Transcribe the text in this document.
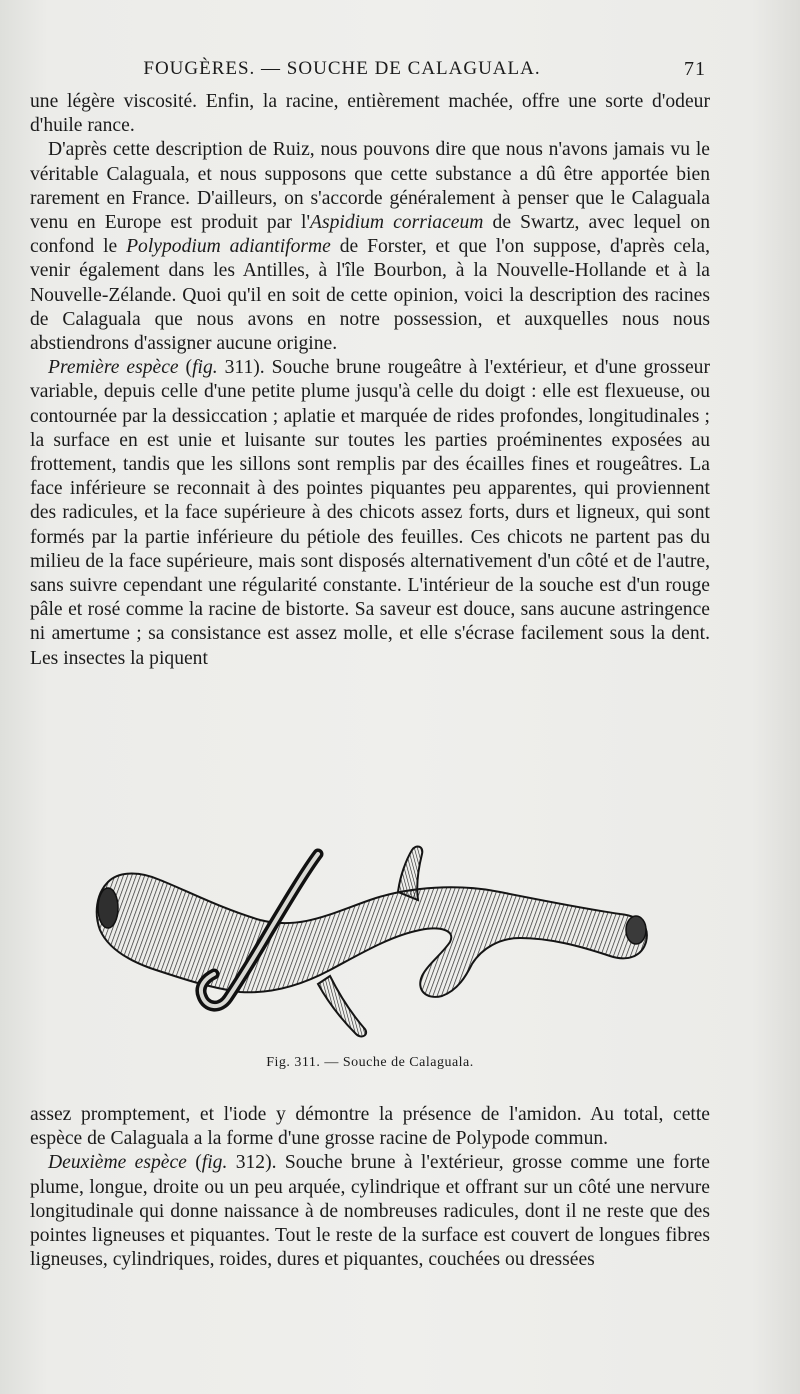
FOUGÈRES. — SOUCHE DE CALAGUALA.	71

une légère viscosité. Enfin, la racine, entièrement machée, offre une sorte d'odeur d'huile rance.

D'après cette description de Ruiz, nous pouvons dire que nous n'avons jamais vu le véritable Calaguala, et nous supposons que cette substance a dû être apportée bien rarement en France. D'ailleurs, on s'accorde généralement à penser que le Calaguala venu en Europe est produit par l'Aspidium corriaceum de Swartz, avec lequel on confond le Polypodium adiantiforme de Forster, et que l'on suppose, d'après cela, venir également dans les Antilles, à l'île Bourbon, à la Nouvelle-Hollande et à la Nouvelle-Zélande. Quoi qu'il en soit de cette opinion, voici la description des racines de Calaguala que nous avons en notre possession, et auxquelles nous nous abstiendrons d'assigner aucune origine.

Première espèce (fig. 311). Souche brune rougeâtre à l'extérieur, et d'une grosseur variable, depuis celle d'une petite plume jusqu'à celle du doigt : elle est flexueuse, ou contournée par la dessiccation ; aplatie et marquée de rides profondes, longitudinales ; la surface en est unie et luisante sur toutes les parties proéminentes exposées au frottement, tandis que les sillons sont remplis par des écailles fines et rougeâtres. La face inférieure se reconnait à des pointes piquantes peu apparentes, qui proviennent des radicules, et la face supérieure à des chicots assez forts, durs et ligneux, qui sont formés par la partie inférieure du pétiole des feuilles. Ces chicots ne partent pas du milieu de la face supérieure, mais sont disposés alternativement d'un côté et de l'autre, sans suivre cependant une régularité constante. L'intérieur de la souche est d'un rouge pâle et rosé comme la racine de bistorte. Sa saveur est douce, sans aucune astringence ni amertume ; sa consistance est assez molle, et elle s'écrase facilement sous la dent. Les insectes la piquent

Fig. 311. — Souche de Calaguala.

assez promptement, et l'iode y démontre la présence de l'amidon. Au total, cette espèce de Calaguala a la forme d'une grosse racine de Polypode commun.

Deuxième espèce (fig. 312). Souche brune à l'extérieur, grosse comme une forte plume, longue, droite ou un peu arquée, cylindrique et offrant sur un côté une nervure longitudinale qui donne naissance à de nombreuses radicules, dont il ne reste que des pointes ligneuses et piquantes. Tout le reste de la surface est couvert de longues fibres ligneuses, cylindriques, roides, dures et piquantes, couchées ou dressées
